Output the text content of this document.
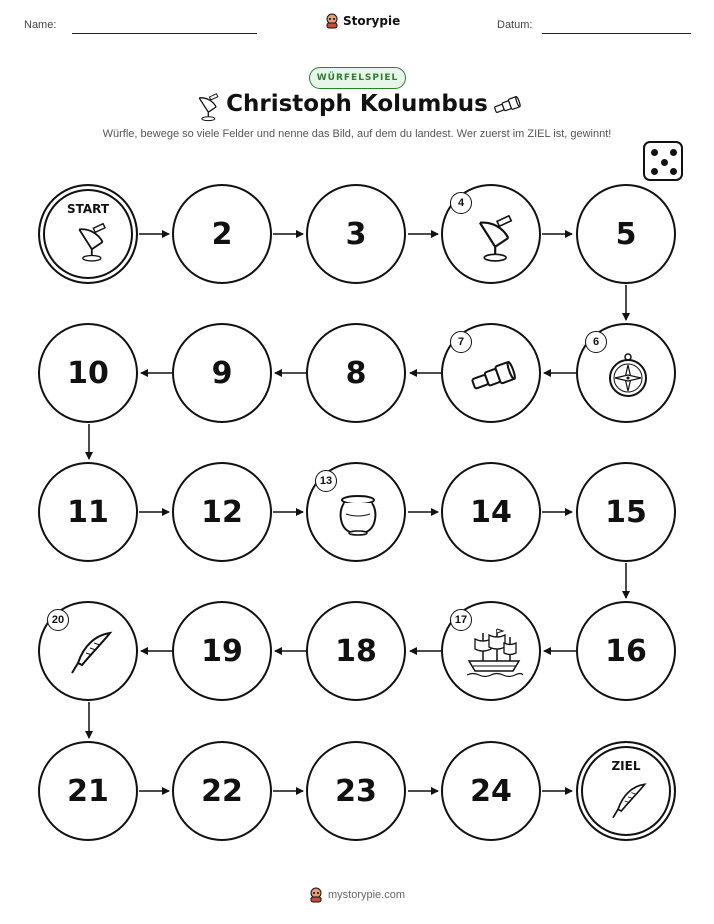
Name:	Storypie	Datum:
WÜRFELSPIEL
Christoph Kolumbus
Würfle, bewege so viele Felder und nenne das Bild, auf dem du landest. Wer zuerst im ZIEL ist, gewinnt!
START
2	3
4
5
10	9	8
7	6
11	12
13
14	15
20
19	18
17
16
21	22	23	24
ZIEL
mystorypie.com
